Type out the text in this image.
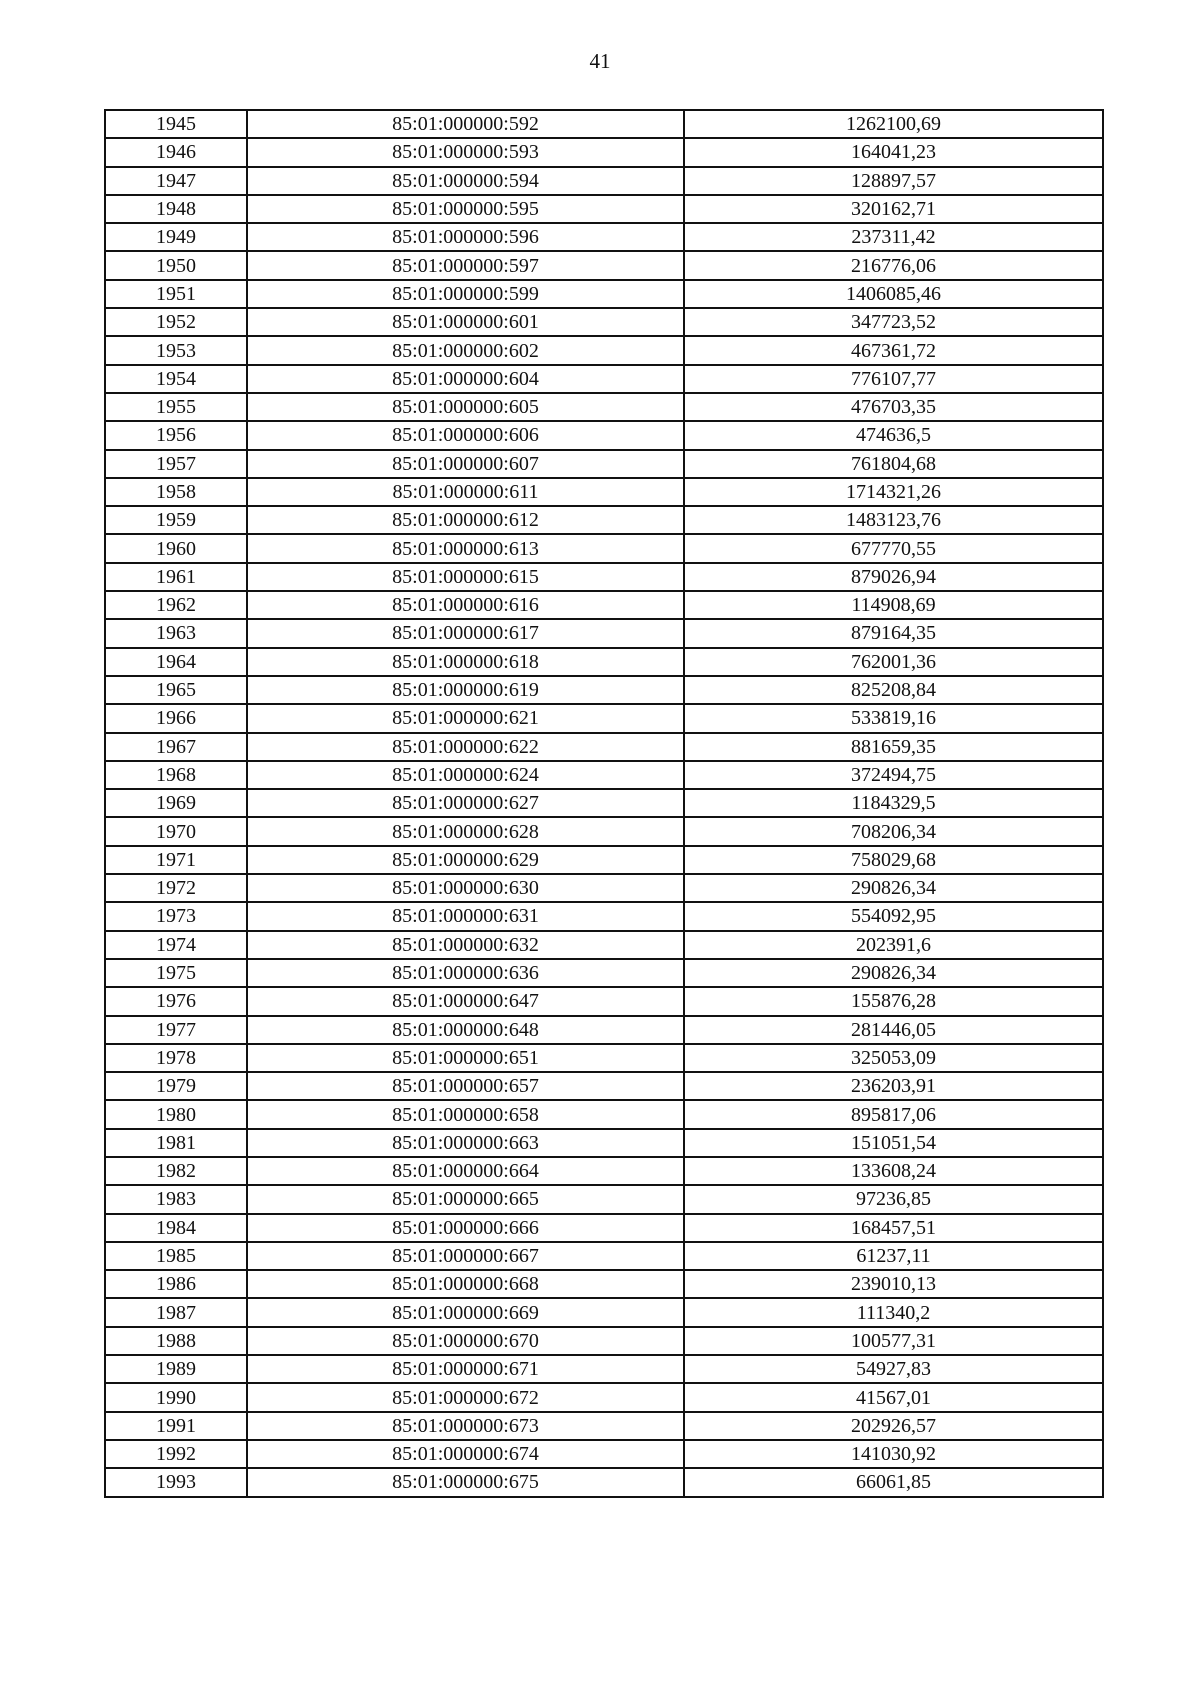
41
1945	85:01:000000:592	1262100,69
1946	85:01:000000:593	164041,23
1947	85:01:000000:594	128897,57
1948	85:01:000000:595	320162,71
1949	85:01:000000:596	237311,42
1950	85:01:000000:597	216776,06
1951	85:01:000000:599	1406085,46
1952	85:01:000000:601	347723,52
1953	85:01:000000:602	467361,72
1954	85:01:000000:604	776107,77
1955	85:01:000000:605	476703,35
1956	85:01:000000:606	474636,5
1957	85:01:000000:607	761804,68
1958	85:01:000000:611	1714321,26
1959	85:01:000000:612	1483123,76
1960	85:01:000000:613	677770,55
1961	85:01:000000:615	879026,94
1962	85:01:000000:616	114908,69
1963	85:01:000000:617	879164,35
1964	85:01:000000:618	762001,36
1965	85:01:000000:619	825208,84
1966	85:01:000000:621	533819,16
1967	85:01:000000:622	881659,35
1968	85:01:000000:624	372494,75
1969	85:01:000000:627	1184329,5
1970	85:01:000000:628	708206,34
1971	85:01:000000:629	758029,68
1972	85:01:000000:630	290826,34
1973	85:01:000000:631	554092,95
1974	85:01:000000:632	202391,6
1975	85:01:000000:636	290826,34
1976	85:01:000000:647	155876,28
1977	85:01:000000:648	281446,05
1978	85:01:000000:651	325053,09
1979	85:01:000000:657	236203,91
1980	85:01:000000:658	895817,06
1981	85:01:000000:663	151051,54
1982	85:01:000000:664	133608,24
1983	85:01:000000:665	97236,85
1984	85:01:000000:666	168457,51
1985	85:01:000000:667	61237,11
1986	85:01:000000:668	239010,13
1987	85:01:000000:669	111340,2
1988	85:01:000000:670	100577,31
1989	85:01:000000:671	54927,83
1990	85:01:000000:672	41567,01
1991	85:01:000000:673	202926,57
1992	85:01:000000:674	141030,92
1993	85:01:000000:675	66061,85
